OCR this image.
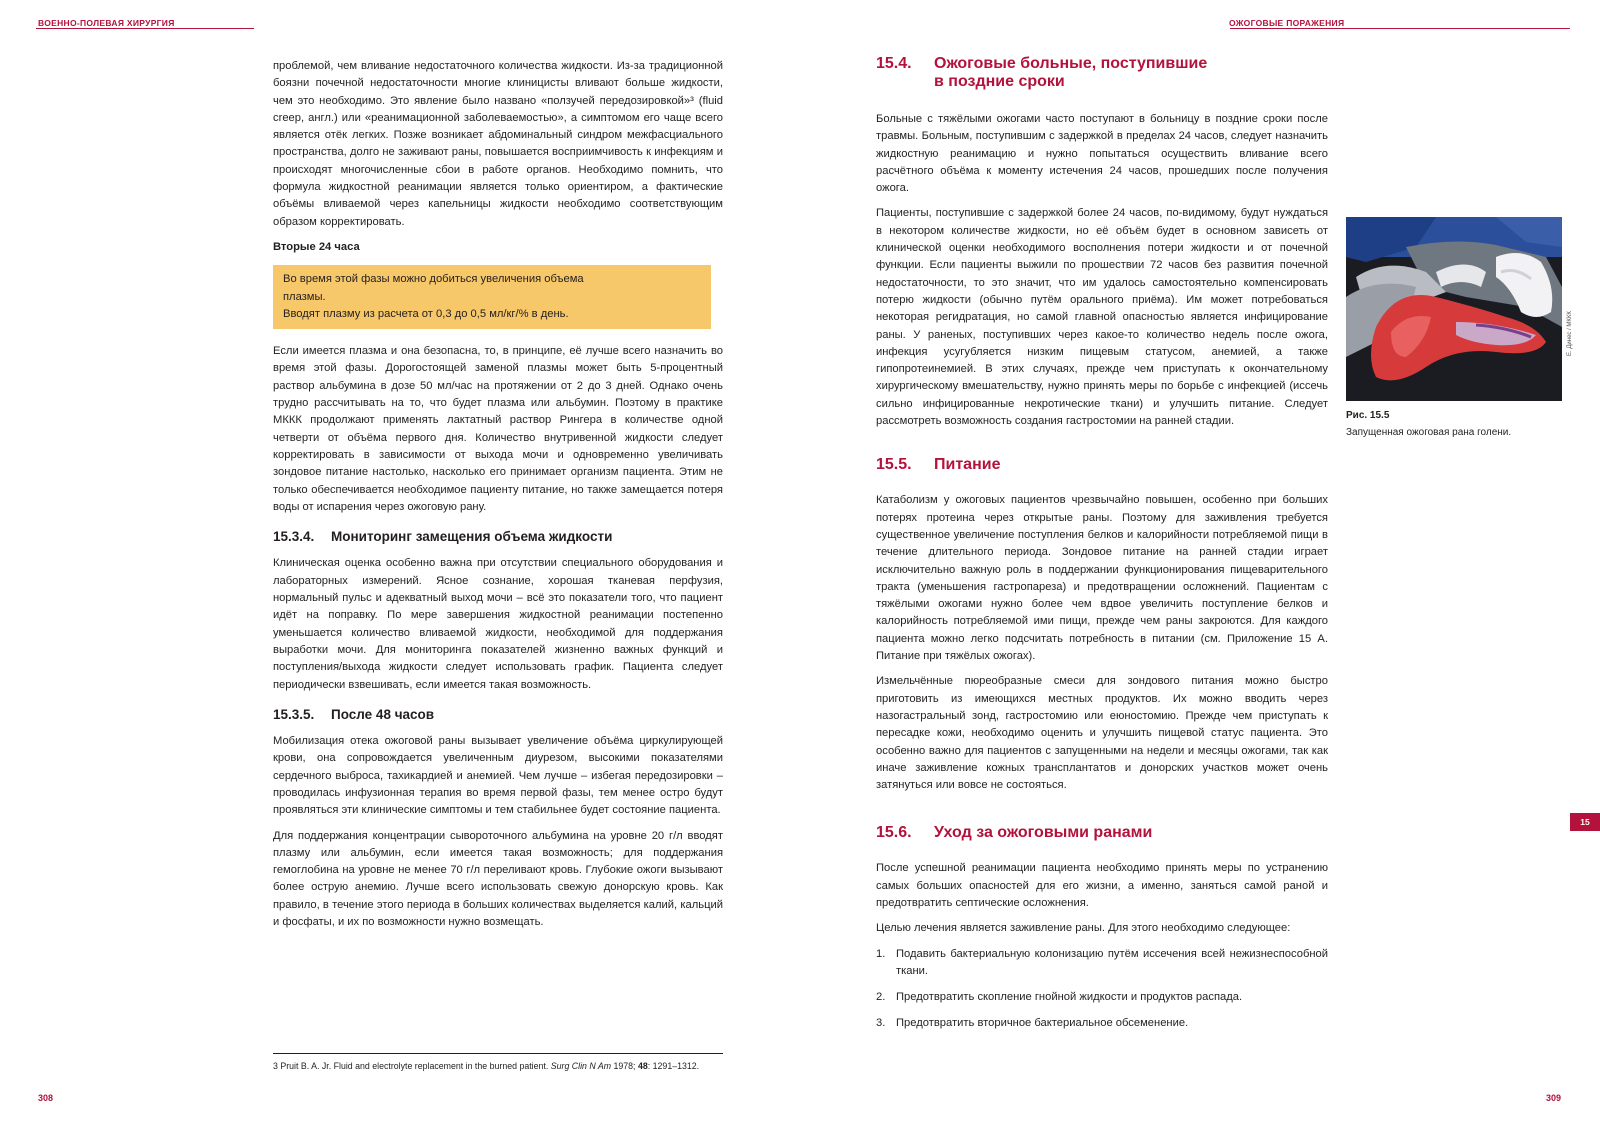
ВОЕННО-ПОЛЕВАЯ ХИРУРГИЯ	ОЖОГОВЫЕ ПОРАЖЕНИЯ

проблемой, чем вливание недостаточного количества жидкости. Из-за традиционной боязни почечной недостаточности многие клиницисты вливают больше жидкости, чем это необходимо. Это явление было названо «ползучей передозировкой»³ (fluid creep, англ.) или «реанимационной заболеваемостью», а симптомом его чаще всего является отёк легких. Позже возникает абдоминальный синдром межфасциального пространства, долго не заживают раны, повышается восприимчивость к инфекциям и происходят многочисленные сбои в работе органов. Необходимо помнить, что формула жидкостной реанимации является только ориентиром, а фактические объёмы вливаемой через капельницы жидкости необходимо соответствующим образом корректировать.

Вторые 24 часа
Во время этой фазы можно добиться увеличения объема
плазмы.
Вводят плазму из расчета от 0,3 до 0,5 мл/кг/% в день.

Если имеется плазма и она безопасна, то, в принципе, её лучше всего назначить во время этой фазы. Дорогостоящей заменой плазмы может быть 5-процентный раствор альбумина в дозе 50 мл/час на протяжении от 2 до 3 дней. Однако очень трудно рассчитывать на то, что будет плазма или альбумин. Поэтому в практике МККК продолжают применять лактатный раствор Рингера в количестве одной четверти от объёма первого дня. Количество внутривенной жидкости следует корректировать в зависимости от выхода мочи и одновременно увеличивать зондовое питание настолько, насколько его принимает организм пациента. Этим не только обеспечивается необходимое пациенту питание, но также замещается потеря воды от испарения через ожоговую рану.

15.3.4. Мониторинг замещения объема жидкости

Клиническая оценка особенно важна при отсутствии специального оборудования и лабораторных измерений. Ясное сознание, хорошая тканевая перфузия, нормальный пульс и адекватный выход мочи – всё это показатели того, что пациент идёт на поправку. По мере завершения жидкостной реанимации постепенно уменьшается количество вливаемой жидкости, необходимой для поддержания выработки мочи. Для мониторинга показателей жизненно важных функций и поступления/выхода жидкости следует использовать график. Пациента следует периодически взвешивать, если имеется такая возможность.

15.3.5. После 48 часов

Мобилизация отека ожоговой раны вызывает увеличение объёма циркулирующей крови, она сопровождается увеличенным диурезом, высокими показателями сердечного выброса, тахикардией и анемией. Чем лучше – избегая передозировки – проводилась инфузионная терапия во время первой фазы, тем менее остро будут проявляться эти клинические симптомы и тем стабильнее будет состояние пациента.

Для поддержания концентрации сывороточного альбумина на уровне 20 г/л вводят плазму или альбумин, если имеется такая возможность; для поддержания гемоглобина на уровне не менее 70 г/л переливают кровь. Глубокие ожоги вызывают более острую анемию. Лучше всего использовать свежую донорскую кровь. Как правило, в течение этого периода в больших количествах выделяется калий, кальций и фосфаты, и их по возможности нужно возмещать.

3 Pruit B. A. Jr. Fluid and electrolyte replacement in the burned patient. Surg Clin N Am 1978; 48: 1291–1312.
308
15.4. Ожоговые больные, поступившие
в поздние сроки

Больные с тяжёлыми ожогами часто поступают в больницу в поздние сроки после травмы. Больным, поступившим с задержкой в пределах 24 часов, следует назначить жидкостную реанимацию и нужно попытаться осуществить вливание всего расчётного объёма к моменту истечения 24 часов, прошедших после получения ожога.

Пациенты, поступившие с задержкой более 24 часов, по-видимому, будут нуждаться в некотором количестве жидкости, но её объём будет в основном зависеть от клинической оценки необходимого восполнения потери жидкости и от почечной функции. Если пациенты выжили по прошествии 72 часов без развития почечной недостаточности, то это значит, что им удалось самостоятельно компенсировать потерю жидкости (обычно путём орального приёма). Им может потребоваться некоторая регидратация, но самой главной опасностью является инфицирование раны. У раненых, поступивших через какое-то количество недель после ожога, инфекция усугубляется низким пищевым статусом, анемией, а также гипопротеинемией. В этих случаях, прежде чем приступать к окончательному хирургическому вмешательству, нужно принять меры по борьбе с инфекцией (иссечь сильно инфицированные некротические ткани) и улучшить питание. Следует рассмотреть возможность создания гастростомии на ранней стадии.

15.5. Питание

Катаболизм у ожоговых пациентов чрезвычайно повышен, особенно при больших потерях протеина через открытые раны. Поэтому для заживления требуется существенное увеличение поступления белков и калорийности потребляемой пищи в течение длительного периода. Зондовое питание на ранней стадии играет исключительно важную роль в поддержании функционирования пищеварительного тракта (уменьшения гастропареза) и предотвращении осложнений. Пациентам с тяжёлыми ожогами нужно более чем вдвое увеличить поступление белков и калорийность потребляемой ими пищи, прежде чем раны закроются. Для каждого пациента можно легко подсчитать потребность в питании (см. Приложение 15 А. Питание при тяжёлых ожогах).

Измельчённые пюреобразные смеси для зондового питания можно быстро приготовить из имеющихся местных продуктов. Их можно вводить через назогастральный зонд, гастростомию или еюностомию. Прежде чем приступать к пересадке кожи, необходимо оценить и улучшить пищевой статус пациента. Это особенно важно для пациентов с запущенными на недели и месяцы ожогами, так как иначе заживление кожных трансплантатов и донорских участков может очень затянуться или вовсе не состояться.

15.6. Уход за ожоговыми ранами

После успешной реанимации пациента необходимо принять меры по устранению самых больших опасностей для его жизни, а именно, заняться самой раной и предотвратить септические осложнения.

Целью лечения является заживление раны. Для этого необходимо следующее:

1. Подавить бактериальную колонизацию путём иссечения всей нежизнеспособной ткани.
2. Предотвратить скопление гнойной жидкости и продуктов распада.
3. Предотвратить вторичное бактериальное обсеменение.
E. Динес / МККК
Рис. 15.5
Запущенная ожоговая рана голени.
15
309
